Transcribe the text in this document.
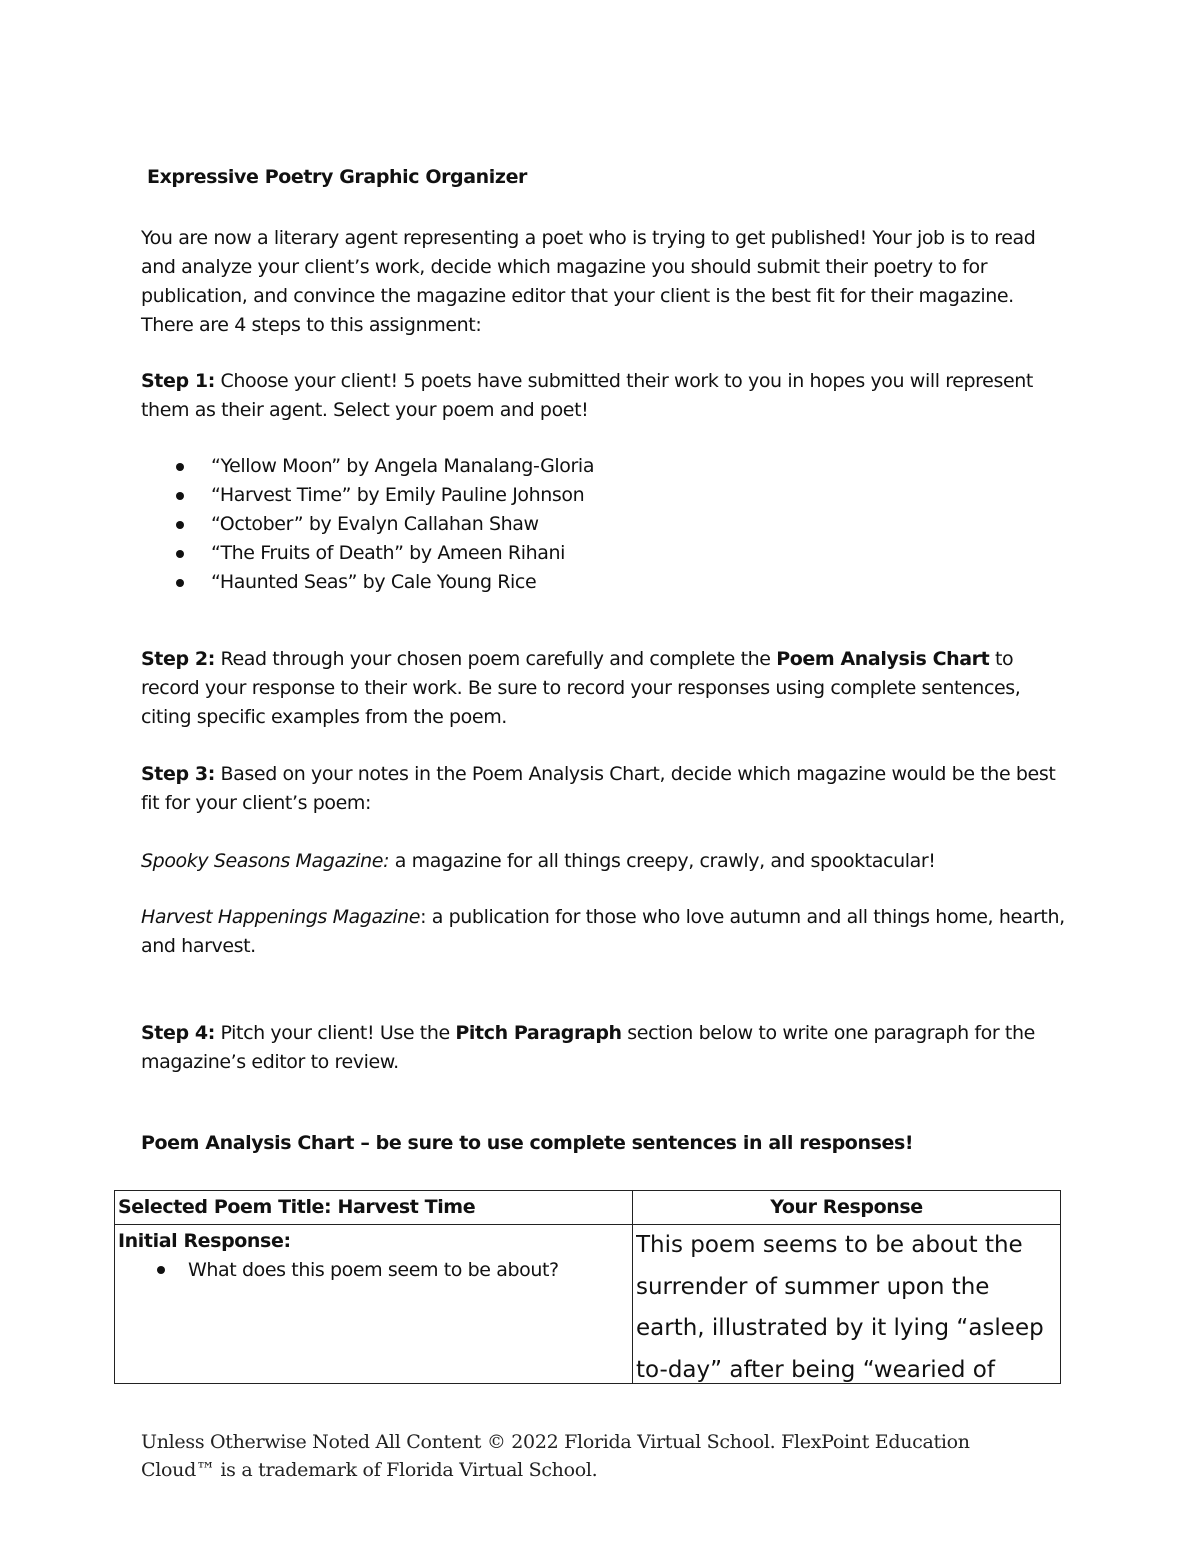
Expressive Poetry Graphic Organizer

You are now a literary agent representing a poet who is trying to get published! Your job is to read and analyze your client’s work, decide which magazine you should submit their poetry to for publication, and convince the magazine editor that your client is the best fit for their magazine. There are 4 steps to this assignment:

Step 1: Choose your client! 5 poets have submitted their work to you in hopes you will represent them as their agent. Select your poem and poet!

“Yellow Moon” by Angela Manalang-Gloria
“Harvest Time” by Emily Pauline Johnson
“October” by Evalyn Callahan Shaw
“The Fruits of Death” by Ameen Rihani
“Haunted Seas” by Cale Young Rice

Step 2: Read through your chosen poem carefully and complete the Poem Analysis Chart to record your response to their work. Be sure to record your responses using complete sentences, citing specific examples from the poem.

Step 3: Based on your notes in the Poem Analysis Chart, decide which magazine would be the best fit for your client’s poem:

Spooky Seasons Magazine: a magazine for all things creepy, crawly, and spooktacular!

Harvest Happenings Magazine: a publication for those who love autumn and all things home, hearth, and harvest.

Step 4: Pitch your client! Use the Pitch Paragraph section below to write one paragraph for the magazine’s editor to review.

Poem Analysis Chart – be sure to use complete sentences in all responses!
Selected Poem Title: Harvest Time	Your Response

Initial Response:
What does this poem seem to be about?	This poem seems to be about the surrender of summer upon the earth, illustrated by it lying “asleep to-day” after being “wearied of

Unless Otherwise Noted All Content © 2022 Florida Virtual School. FlexPoint Education Cloud™ is a trademark of Florida Virtual School.
